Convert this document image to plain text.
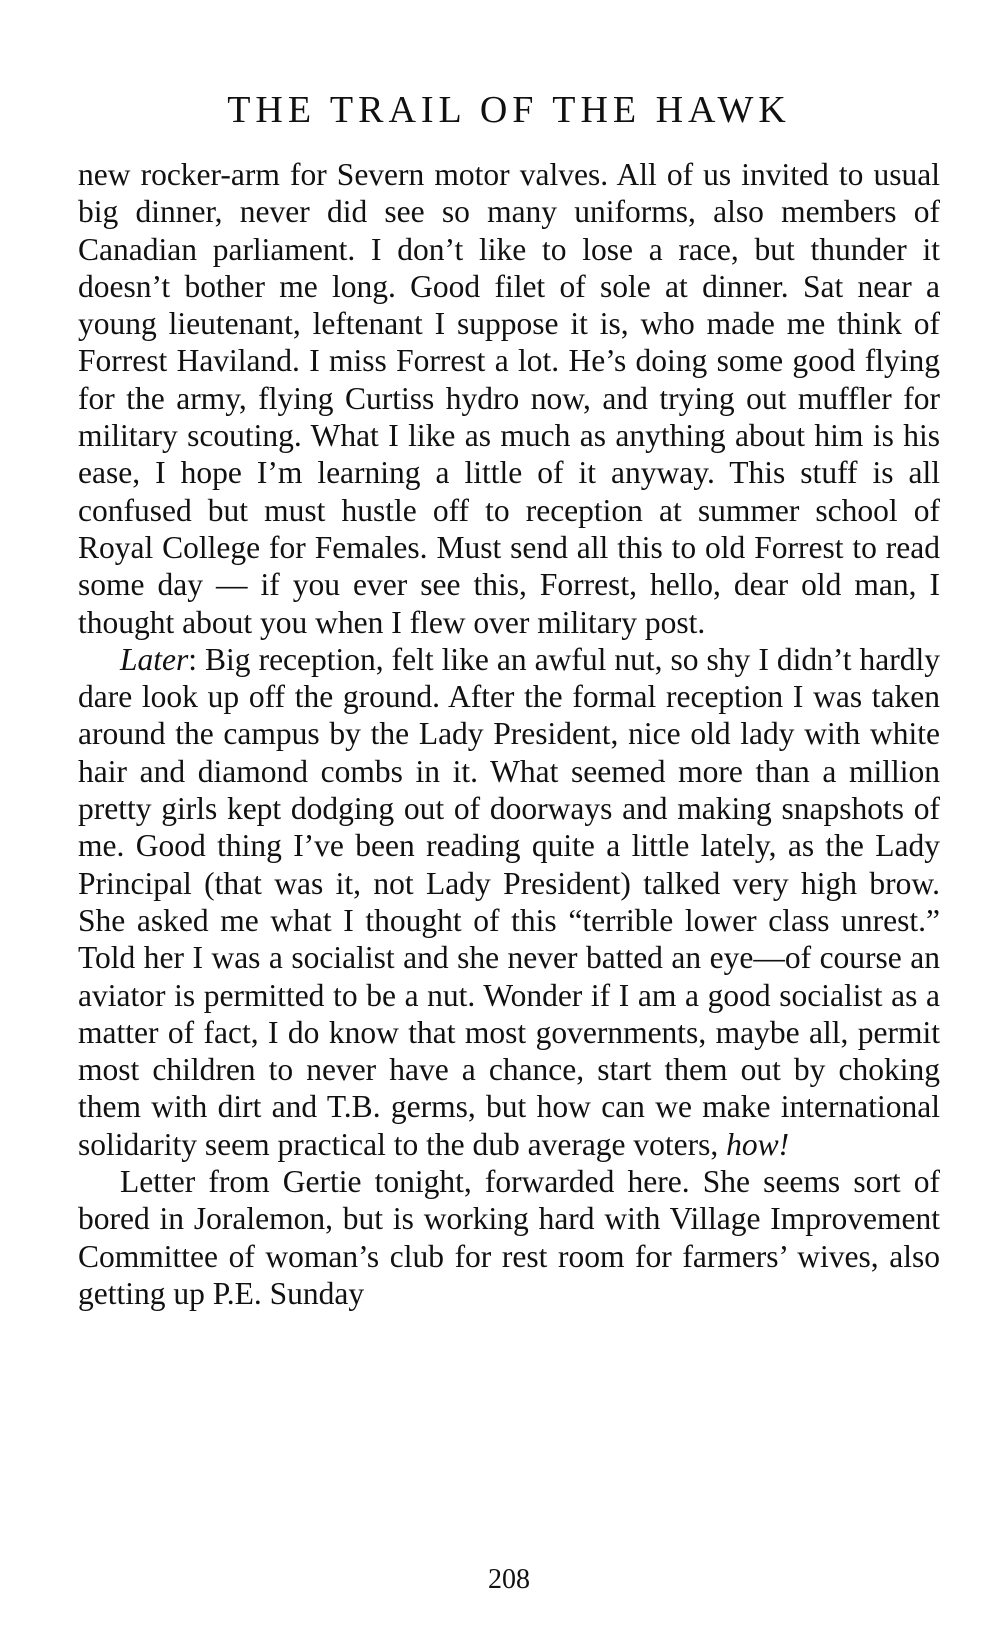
THE TRAIL OF THE HAWK

new rocker-arm for Severn motor valves. All of us invited to usual big dinner, never did see so many uniforms, also members of Canadian parliament. I don’t like to lose a race, but thunder it doesn’t bother me long. Good filet of sole at dinner. Sat near a young lieutenant, leftenant I suppose it is, who made me think of Forrest Haviland. I miss Forrest a lot. He’s doing some good flying for the army, flying Curtiss hydro now, and trying out muffler for military scouting. What I like as much as anything about him is his ease, I hope I’m learning a little of it anyway. This stuff is all confused but must hustle off to reception at summer school of Royal College for Females. Must send all this to old Forrest to read some day — if you ever see this, Forrest, hello, dear old man, I thought about you when I flew over military post.

Later: Big reception, felt like an awful nut, so shy I didn’t hardly dare look up off the ground. After the formal reception I was taken around the campus by the Lady President, nice old lady with white hair and diamond combs in it. What seemed more than a million pretty girls kept dodging out of doorways and making snapshots of me. Good thing I’ve been reading quite a little lately, as the Lady Principal (that was it, not Lady President) talked very high brow. She asked me what I thought of this “terrible lower class unrest.” Told her I was a socialist and she never batted an eye—of course an aviator is permitted to be a nut. Wonder if I am a good socialist as a matter of fact, I do know that most governments, maybe all, permit most children to never have a chance, start them out by choking them with dirt and T.B. germs, but how can we make international solidarity seem practical to the dub average voters, how!

Letter from Gertie tonight, forwarded here. She seems sort of bored in Joralemon, but is working hard with Village Improvement Committee of woman’s club for rest room for farmers’ wives, also getting up P.E. Sunday

208
